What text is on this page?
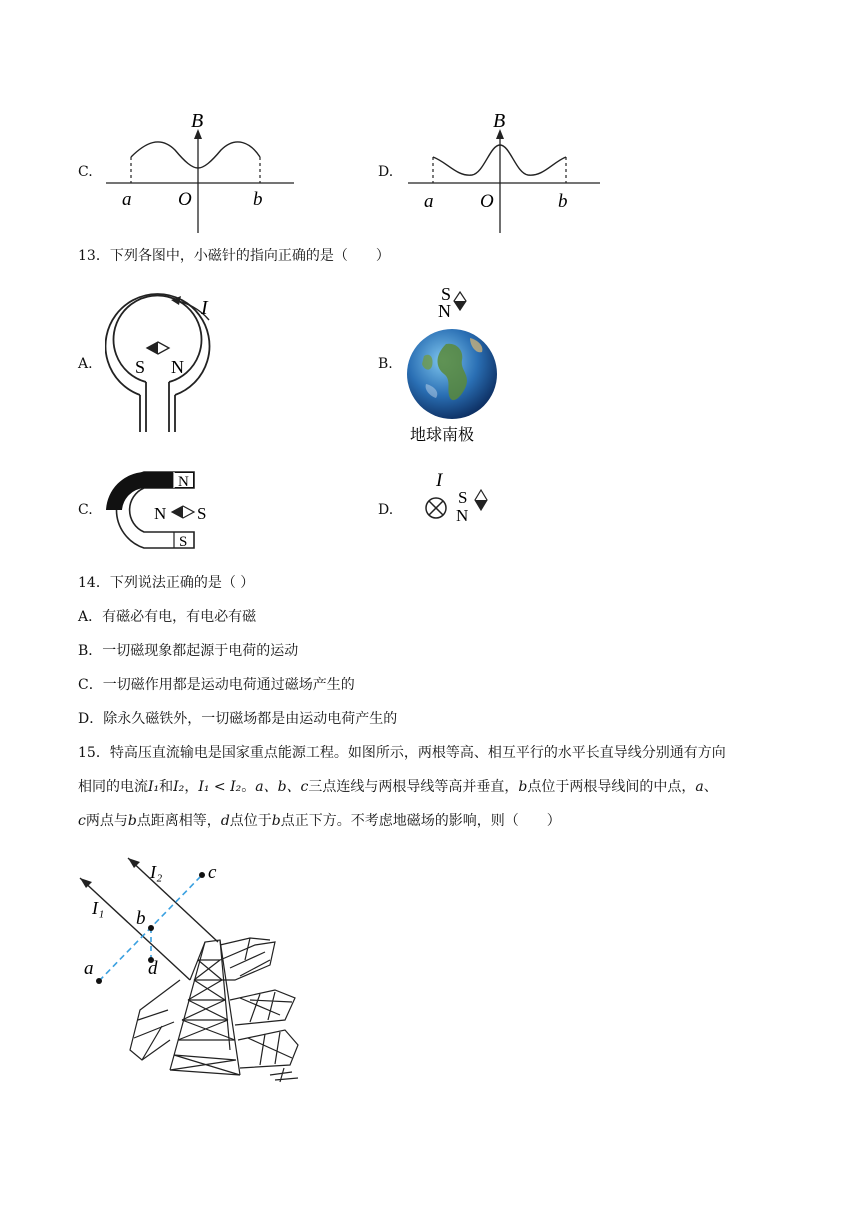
C.
B
a O	b
D.
B
a O	b
13．下列各图中，小磁针的指向正确的是（　　）
A.
I
S N	B.
S
N
地球南极
C.
N
S
N S	D.
I
S
N
14．下列说法正确的是（ ）
A．有磁必有电，有电必有磁
B．一切磁现象都起源于电荷的运动
C．一切磁作用都是运动电荷通过磁场产生的
D．除永久磁铁外，一切磁场都是由运动电荷产生的
15．特高压直流输电是国家重点能源工程。如图所示，两根等高、相互平行的水平长直导线分别通有方向
相同的电流I₁和I₂，I₁ < I₂。a、b、c三点连线与两根导线等高并垂直，b点位于两根导线间的中点，a、
c两点与b点距离相等，d点位于b点正下方。不考虑地磁场的影响，则（　　）
I₁
I₂
a
b
c
d
